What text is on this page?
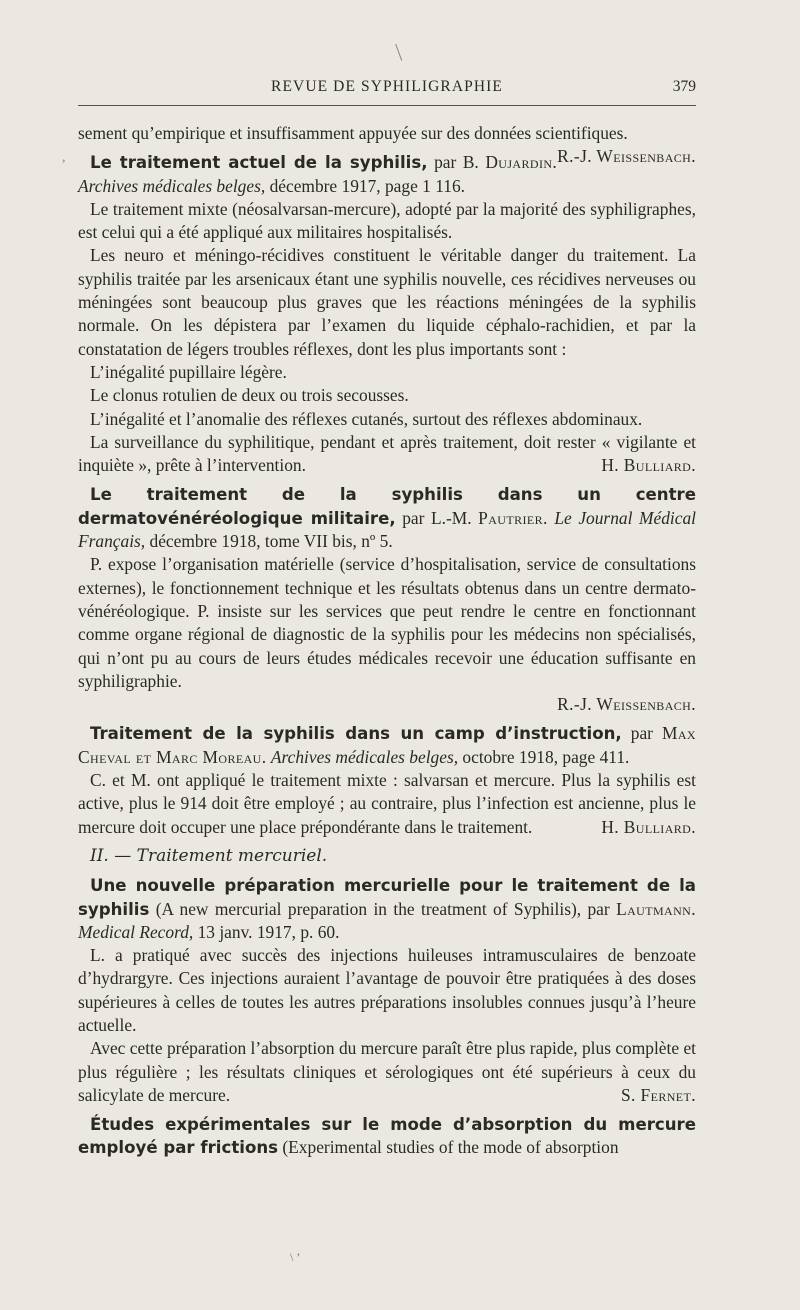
,
REVUE DE SYPHILIGRAPHIE	379

sement qu’empirique et insuffisamment appuyée sur des données scientifiques.
R.-J. Weissenbach.

Le traitement actuel de la syphilis, par B. Dujardin. Archives médicales belges, décembre 1917, page 1 116.

Le traitement mixte (néosalvarsan-mercure), adopté par la majorité des syphiligraphes, est celui qui a été appliqué aux militaires hospitalisés.

Les neuro et méningo-récidives constituent le véritable danger du traitement. La syphilis traitée par les arsenicaux étant une syphilis nouvelle, ces récidives nerveuses ou méningées sont beaucoup plus graves que les réactions méningées de la syphilis normale. On les dépistera par l’examen du liquide céphalo-rachidien, et par la constatation de légers troubles réflexes, dont les plus importants sont :

L’inégalité pupillaire légère.

Le clonus rotulien de deux ou trois secousses.

L’inégalité et l’anomalie des réflexes cutanés, surtout des réflexes abdominaux.

La surveillance du syphilitique, pendant et après traitement, doit rester « vigilante et inquiète », prête à l’intervention.	H. Bulliard.

Le traitement de la syphilis dans un centre dermatovénéréologique militaire, par L.-M. Pautrier. Le Journal Médical Français, décembre 1918, tome VII bis, nº 5.

P. expose l’organisation matérielle (service d’hospitalisation, service de consultations externes), le fonctionnement technique et les résultats obtenus dans un centre dermato-vénéréologique. P. insiste sur les services que peut rendre le centre en fonctionnant comme organe régional de diagnostic de la syphilis pour les médecins non spécialisés, qui n’ont pu au cours de leurs études médicales recevoir une éducation suffisante en syphiligraphie.

R.-J. Weissenbach.

Traitement de la syphilis dans un camp d’instruction, par Max Cheval et Marc Moreau. Archives médicales belges, octobre 1918, page 411.

C. et M. ont appliqué le traitement mixte : salvarsan et mercure. Plus la syphilis est active, plus le 914 doit être employé ; au contraire, plus l’infection est ancienne, plus le mercure doit occuper une place prépondérante dans le traitement.	H. Bulliard.

II. — Traitement mercuriel.

Une nouvelle préparation mercurielle pour le traitement de la syphilis (A new mercurial preparation in the treatment of Syphilis), par Lautmann. Medical Record, 13 janv. 1917, p. 60.

L. a pratiqué avec succès des injections huileuses intramusculaires de benzoate d’hydrargyre. Ces injections auraient l’avantage de pouvoir être pratiquées à des doses supérieures à celles de toutes les autres préparations insolubles connues jusqu’à l’heure actuelle.

Avec cette préparation l’absorption du mercure paraît être plus rapide, plus complète et plus régulière ; les résultats cliniques et sérologiques ont été supérieurs à ceux du salicylate de mercure.	S. Fernet.

Études expérimentales sur le mode d’absorption du mercure employé par frictions (Experimental studies of the mode of absorption

\ ’
